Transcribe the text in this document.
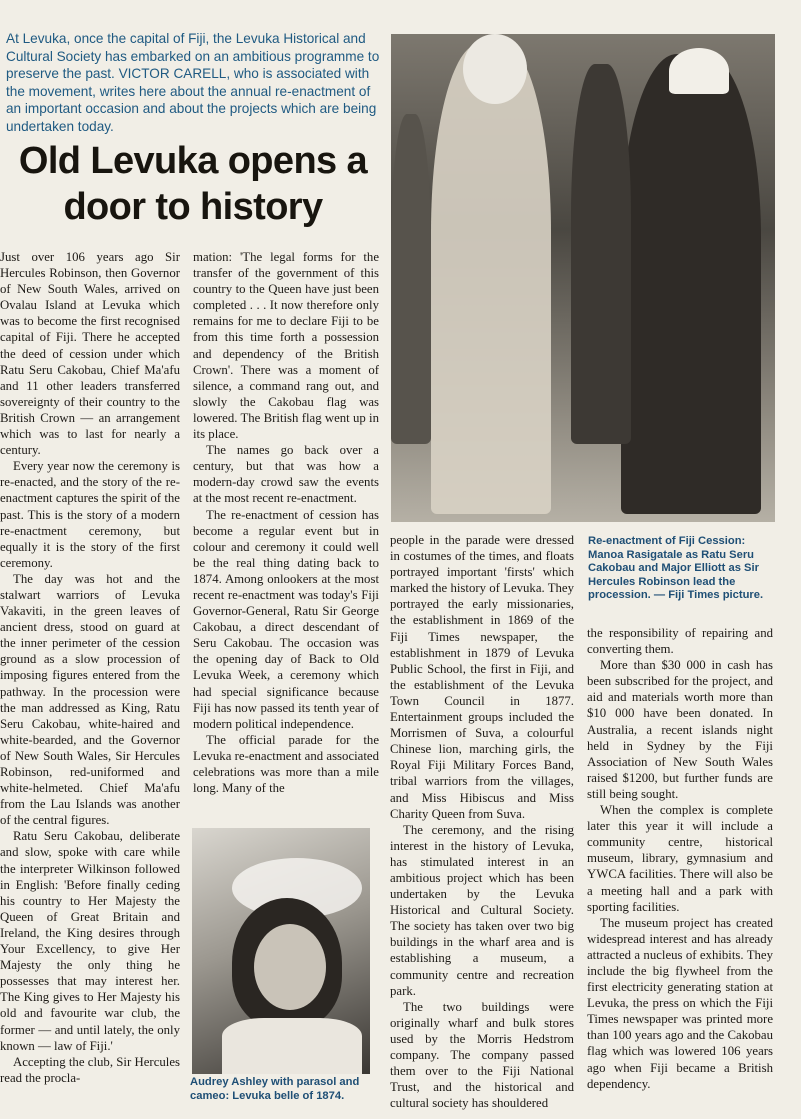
At Levuka, once the capital of Fiji, the Levuka Historical and Cultural Society has embarked on an ambitious programme to preserve the past. VICTOR CARELL, who is associated with the movement, writes here about the annual re-enactment of an important occasion and about the projects which are being undertaken today.

Old Levuka opens a door to history
Re-enactment of Fiji Cession: Manoa Rasigatale as Ratu Seru Cakobau and Major Elliott as Sir Hercules Robinson lead the procession. — Fiji Times picture.

Just over 106 years ago Sir Hercules Robinson, then Governor of New South Wales, arrived on Ovalau Island at Levuka which was to become the first recognised capital of Fiji. There he accepted the deed of cession under which Ratu Seru Cakobau, Chief Ma'afu and 11 other leaders transferred sovereignty of their country to the British Crown — an arrangement which was to last for nearly a century.

Every year now the ceremony is re-enacted, and the story of the re-enactment captures the spirit of the past. This is the story of a modern re-enactment ceremony, but equally it is the story of the first ceremony.

The day was hot and the stalwart warriors of Levuka Vakaviti, in the green leaves of ancient dress, stood on guard at the inner perimeter of the cession ground as a slow procession of imposing figures entered from the pathway. In the procession were the man addressed as King, Ratu Seru Cakobau, white-haired and white-bearded, and the Governor of New South Wales, Sir Hercules Robinson, red-uniformed and white-helmeted. Chief Ma'afu from the Lau Islands was another of the central figures.

Ratu Seru Cakobau, deliberate and slow, spoke with care while the interpreter Wilkinson followed in English: 'Before finally ceding his country to Her Majesty the Queen of Great Britain and Ireland, the King desires through Your Excellency, to give Her Majesty the only thing he possesses that may interest her. The King gives to Her Majesty his old and favourite war club, the former — and until lately, the only known — law of Fiji.'

Accepting the club, Sir Hercules read the procla-

mation: 'The legal forms for the transfer of the government of this country to the Queen have just been completed . . . It now therefore only remains for me to declare Fiji to be from this time forth a possession and dependency of the British Crown'. There was a moment of silence, a command rang out, and slowly the Cakobau flag was lowered. The British flag went up in its place.

The names go back over a century, but that was how a modern-day crowd saw the events at the most recent re-enactment.

The re-enactment of cession has become a regular event but in colour and ceremony it could well be the real thing dating back to 1874. Among onlookers at the most recent re-enactment was today's Fiji Governor-General, Ratu Sir George Cakobau, a direct descendant of Seru Cakobau. The occasion was the opening day of Back to Old Levuka Week, a ceremony which had special significance because Fiji has now passed its tenth year of modern political independence.

The official parade for the Levuka re-enactment and associated celebrations was more than a mile long. Many of the

Audrey Ashley with parasol and cameo: Levuka belle of 1874.

people in the parade were dressed in costumes of the times, and floats portrayed important 'firsts' which marked the history of Levuka. They portrayed the early missionaries, the establishment in 1869 of the Fiji Times newspaper, the establishment in 1879 of Levuka Public School, the first in Fiji, and the establishment of the Levuka Town Council in 1877. Entertainment groups included the Morrismen of Suva, a colourful Chinese lion, marching girls, the Royal Fiji Military Forces Band, tribal warriors from the villages, and Miss Hibiscus and Miss Charity Queen from Suva.

The ceremony, and the rising interest in the history of Levuka, has stimulated interest in an ambitious project which has been undertaken by the Levuka Historical and Cultural Society. The society has taken over two big buildings in the wharf area and is establishing a museum, a community centre and recreation park.

The two buildings were originally wharf and bulk stores used by the Morris Hedstrom company. The company passed them over to the Fiji National Trust, and the historical and cultural society has shouldered

the responsibility of repairing and converting them.

More than $30 000 in cash has been subscribed for the project, and aid and materials worth more than $10 000 have been donated. In Australia, a recent islands night held in Sydney by the Fiji Association of New South Wales raised $1200, but further funds are still being sought.

When the complex is complete later this year it will include a community centre, historical museum, library, gymnasium and YWCA facilities. There will also be a meeting hall and a park with sporting facilities.

The museum project has created widespread interest and has already attracted a nucleus of exhibits. They include the big flywheel from the first electricity generating station at Levuka, the press on which the Fiji Times newspaper was printed more than 100 years ago and the Cakobau flag which was lowered 106 years ago when Fiji became a British dependency.
